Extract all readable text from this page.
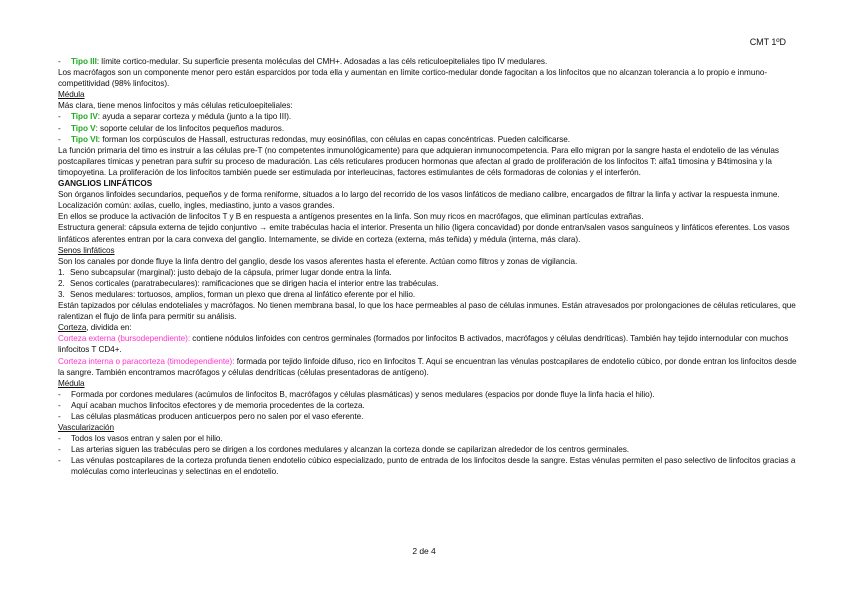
CMT 1ºD
-	Tipo III: límite cortico-medular. Su superficie presenta moléculas del CMH+. Adosadas a las céls reticuloepiteliales tipo IV medulares.

Los macrófagos son un componente menor pero están esparcidos por toda ella y aumentan en límite cortico-medular donde fagocitan a los linfocitos que no alcanzan tolerancia a lo propio e inmuno-competitividad (98% linfocitos).

Médula

Más clara, tiene menos linfocitos y más células reticuloepiteliales:

-	Tipo IV: ayuda a separar corteza y médula (junto a la tipo III).
-	Tipo V: soporte celular de los linfocitos pequeños maduros.
-	Tipo VI: forman los corpúsculos de Hassall, estructuras redondas, muy eosinófilas, con células en capas concéntricas. Pueden calcificarse.

La función primaria del timo es instruir a las células pre-T (no competentes inmunológicamente) para que adquieran inmunocompetencia. Para ello migran por la sangre hasta el endotelio de las vénulas postcapilares tímicas y penetran para sufrir su proceso de maduración. Las céls reticulares producen hormonas que afectan al grado de proliferación de los linfocitos T: alfa1 timosina y B4timosina y la timopoyetina. La proliferación de los linfocitos también puede ser estimulada por interleucinas, factores estimulantes de céls formadoras de colonias y el interferón.

GANGLIOS LINFÁTICOS

Son órganos linfoides secundarios, pequeños y de forma reniforme, situados a lo largo del recorrido de los vasos linfáticos de mediano calibre, encargados de filtrar la linfa y activar la respuesta inmune.

Localización común: axilas, cuello, ingles, mediastino, junto a vasos grandes.

En ellos se produce la activación de linfocitos T y B en respuesta a antígenos presentes en la linfa. Son muy ricos en macrófagos, que eliminan partículas extrañas.

Estructura general: cápsula externa de tejido conjuntivo → emite trabéculas hacia el interior. Presenta un hilio (ligera concavidad) por donde entran/salen vasos sanguíneos y linfáticos eferentes. Los vasos linfáticos aferentes entran por la cara convexa del ganglio. Internamente, se divide en corteza (externa, más teñida) y médula (interna, más clara).

Senos linfáticos

Son los canales por donde fluye la linfa dentro del ganglio, desde los vasos aferentes hasta el eferente. Actúan como filtros y zonas de vigilancia.

1. Seno subcapsular (marginal): justo debajo de la cápsula, primer lugar donde entra la linfa.
2. Senos corticales (paratrabeculares): ramificaciones que se dirigen hacia el interior entre las trabéculas.
3. Senos medulares: tortuosos, amplios, forman un plexo que drena al linfático eferente por el hilio.

Están tapizados por células endoteliales y macrófagos. No tienen membrana basal, lo que los hace permeables al paso de células inmunes. Están atravesados por prolongaciones de células reticulares, que ralentizan el flujo de linfa para permitir su análisis.

Corteza, dividida en:

Corteza externa (bursodependiente): contiene nódulos linfoides con centros germinales (formados por linfocitos B activados, macrófagos y células dendríticas). También hay tejido internodular con muchos linfocitos T CD4+.

Corteza interna o paracorteza (timodependiente): formada por tejido linfoide difuso, rico en linfocitos T. Aquí se encuentran las vénulas postcapilares de endotelio cúbico, por donde entran los linfocitos desde la sangre. También encontramos macrófagos y células dendríticas (células presentadoras de antígeno).

Médula

-	Formada por cordones medulares (acúmulos de linfocitos B, macrófagos y células plasmáticas) y senos medulares (espacios por donde fluye la linfa hacia el hilio).
-	Aquí acaban muchos linfocitos efectores y de memoria procedentes de la corteza.
-	Las células plasmáticas producen anticuerpos pero no salen por el vaso eferente.

Vascularización

-	Todos los vasos entran y salen por el hilio.
-	Las arterias siguen las trabéculas pero se dirigen a los cordones medulares y alcanzan la corteza donde se capilarizan alrededor de los centros germinales.
-	Las vénulas postcapilares de la corteza profunda tienen endotelio cúbico especializado, punto de entrada de los linfocitos desde la sangre. Estas vénulas permiten el paso selectivo de linfocitos gracias a moléculas como interleucinas y selectinas en el endotelio.
2 de 4
